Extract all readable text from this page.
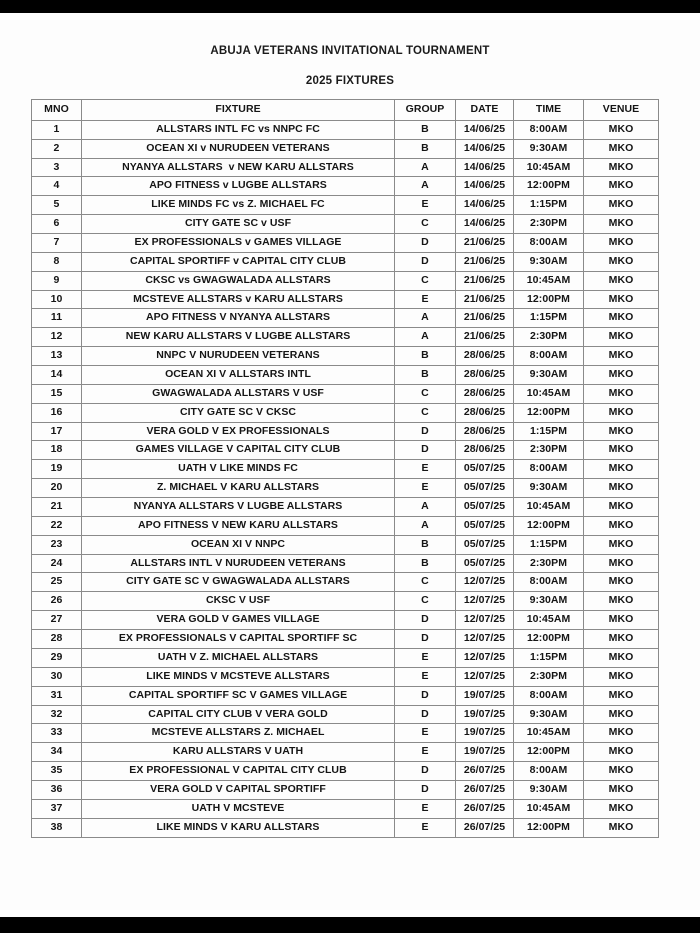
ABUJA VETERANS INVITATIONAL TOURNAMENT
2025 FIXTURES
MNO	FIXTURE	GROUP	DATE	TIME	VENUE
1	ALLSTARS INTL FC vs NNPC FC	B	14/06/25	8:00AM	MKO
2	OCEAN XI v NURUDEEN VETERANS	B	14/06/25	9:30AM	MKO
3	NYANYA ALLSTARS  v NEW KARU ALLSTARS	A	14/06/25	10:45AM	MKO
4	APO FITNESS v LUGBE ALLSTARS	A	14/06/25	12:00PM	MKO
5	LIKE MINDS FC vs Z. MICHAEL FC	E	14/06/25	1:15PM	MKO
6	CITY GATE SC v USF	C	14/06/25	2:30PM	MKO
7	EX PROFESSIONALS v GAMES VILLAGE	D	21/06/25	8:00AM	MKO
8	CAPITAL SPORTIFF v CAPITAL CITY CLUB	D	21/06/25	9:30AM	MKO
9	CKSC vs GWAGWALADA ALLSTARS	C	21/06/25	10:45AM	MKO
10	MCSTEVE ALLSTARS v KARU ALLSTARS	E	21/06/25	12:00PM	MKO
11	APO FITNESS V NYANYA ALLSTARS	A	21/06/25	1:15PM	MKO
12	NEW KARU ALLSTARS V LUGBE ALLSTARS	A	21/06/25	2:30PM	MKO
13	NNPC V NURUDEEN VETERANS	B	28/06/25	8:00AM	MKO
14	OCEAN XI V ALLSTARS INTL	B	28/06/25	9:30AM	MKO
15	GWAGWALADA ALLSTARS V USF	C	28/06/25	10:45AM	MKO
16	CITY GATE SC V CKSC	C	28/06/25	12:00PM	MKO
17	VERA GOLD V EX PROFESSIONALS	D	28/06/25	1:15PM	MKO
18	GAMES VILLAGE V CAPITAL CITY CLUB	D	28/06/25	2:30PM	MKO
19	UATH V LIKE MINDS FC	E	05/07/25	8:00AM	MKO
20	Z. MICHAEL V KARU ALLSTARS	E	05/07/25	9:30AM	MKO
21	NYANYA ALLSTARS V LUGBE ALLSTARS	A	05/07/25	10:45AM	MKO
22	APO FITNESS V NEW KARU ALLSTARS	A	05/07/25	12:00PM	MKO
23	OCEAN XI V NNPC	B	05/07/25	1:15PM	MKO
24	ALLSTARS INTL V NURUDEEN VETERANS	B	05/07/25	2:30PM	MKO
25	CITY GATE SC V GWAGWALADA ALLSTARS	C	12/07/25	8:00AM	MKO
26	CKSC V USF	C	12/07/25	9:30AM	MKO
27	VERA GOLD V GAMES VILLAGE	D	12/07/25	10:45AM	MKO
28	EX PROFESSIONALS V CAPITAL SPORTIFF SC	D	12/07/25	12:00PM	MKO
29	UATH V Z. MICHAEL ALLSTARS	E	12/07/25	1:15PM	MKO
30	LIKE MINDS V MCSTEVE ALLSTARS	E	12/07/25	2:30PM	MKO
31	CAPITAL SPORTIFF SC V GAMES VILLAGE	D	19/07/25	8:00AM	MKO
32	CAPITAL CITY CLUB V VERA GOLD	D	19/07/25	9:30AM	MKO
33	MCSTEVE ALLSTARS Z. MICHAEL	E	19/07/25	10:45AM	MKO
34	KARU ALLSTARS V UATH	E	19/07/25	12:00PM	MKO
35	EX PROFESSIONAL V CAPITAL CITY CLUB	D	26/07/25	8:00AM	MKO
36	VERA GOLD V CAPITAL SPORTIFF	D	26/07/25	9:30AM	MKO
37	UATH V MCSTEVE	E	26/07/25	10:45AM	MKO
38	LIKE MINDS V KARU ALLSTARS	E	26/07/25	12:00PM	MKO
